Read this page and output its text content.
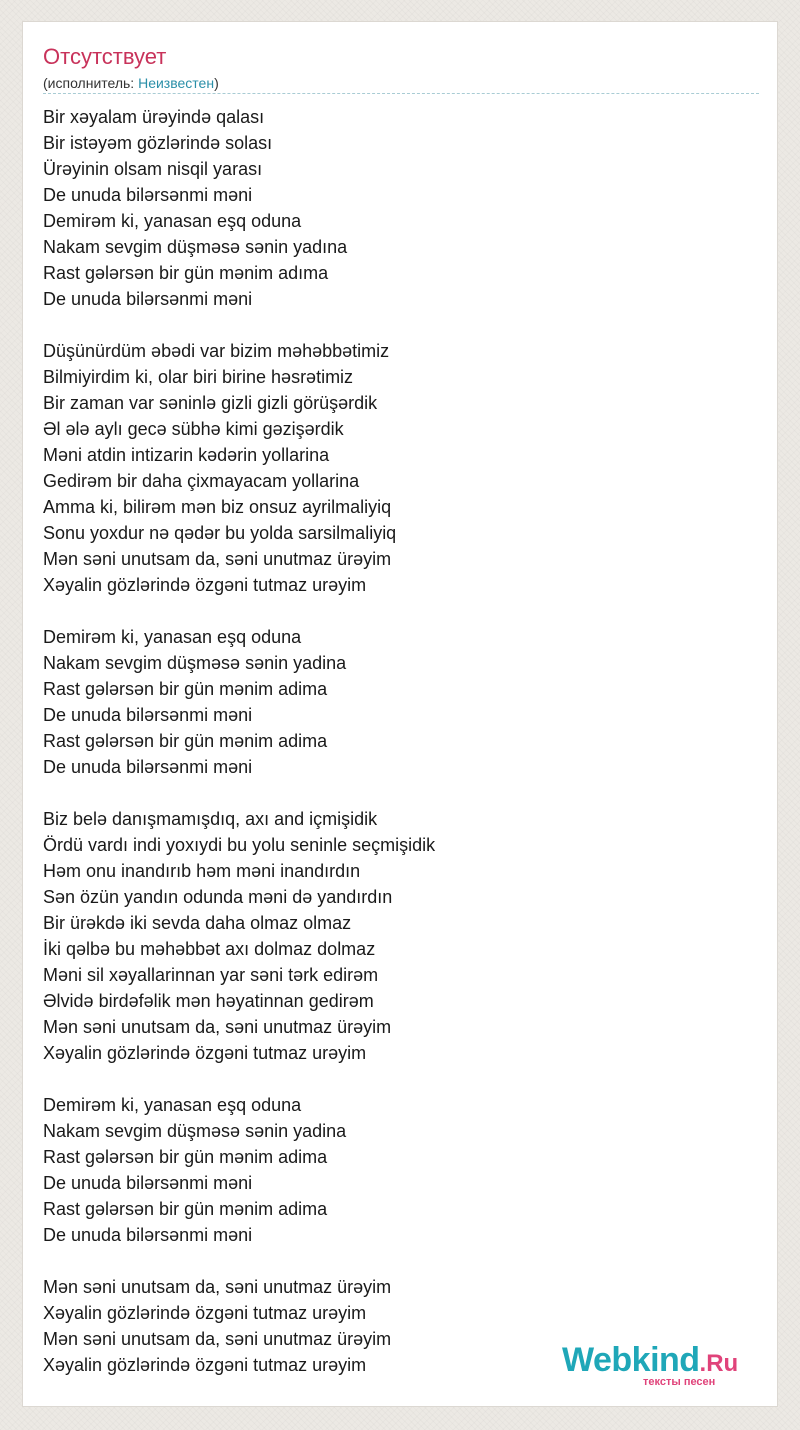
Отсутствует
(исполнитель: Неизвестен)
Bir xəyalam ürəyində qalası
Bir istəyəm gözlərində solası
Ürəyinin olsam nisqil yarası
De unuda bilərsənmi məni
Demirəm ki, yanasan eşq oduna
Nakam sevgim düşməsə sənin yadına
Rast gələrsən bir gün mənim adıma
De unuda bilərsənmi məni
Düşünürdüm əbədi var bizim məhəbbətimiz
Bilmiyirdim ki, olar biri birine həsrətimiz
Bir zaman var səninlə gizli gizli görüşərdik
Əl ələ aylı gecə sübhə kimi gəzişərdik
Məni atdin intizarin kədərin yollarina
Gedirəm bir daha çixmayacam yollarina
Amma ki, bilirəm mən biz onsuz ayrilmaliyiq
Sonu yoxdur nə qədər bu yolda sarsilmaliyiq
Mən səni unutsam da, səni unutmaz ürəyim
Xəyalin gözlərində özgəni tutmaz urəyim
Demirəm ki, yanasan eşq oduna
Nakam sevgim düşməsə sənin yadina
Rast gələrsən bir gün mənim adima
De unuda bilərsənmi məni
Rast gələrsən bir gün mənim adima
De unuda bilərsənmi məni
Biz belə danışmamışdıq, axı and içmişidik
Ördü vardı indi yoxıydi bu yolu seninle seçmişidik
Həm onu inandırıb həm məni inandırdın
Sən özün yandın odunda məni də yandırdın
Bir ürəkdə iki sevda daha olmaz olmaz
İki qəlbə bu məhəbbət axı dolmaz dolmaz
Məni sil xəyallarinnan yar səni tərk edirəm
Əlvidə birdəfəlik mən həyatinnan gedirəm
Mən səni unutsam da, səni unutmaz ürəyim
Xəyalin gözlərində özgəni tutmaz urəyim
Demirəm ki, yanasan eşq oduna
Nakam sevgim düşməsə sənin yadina
Rast gələrsən bir gün mənim adima
De unuda bilərsənmi məni
Rast gələrsən bir gün mənim adima
De unuda bilərsənmi məni
Mən səni unutsam da, səni unutmaz ürəyim
Xəyalin gözlərində özgəni tutmaz urəyim
Mən səni unutsam da, səni unutmaz ürəyim
Xəyalin gözlərində özgəni tutmaz urəyim	Webkind.Ru
тексты песен
